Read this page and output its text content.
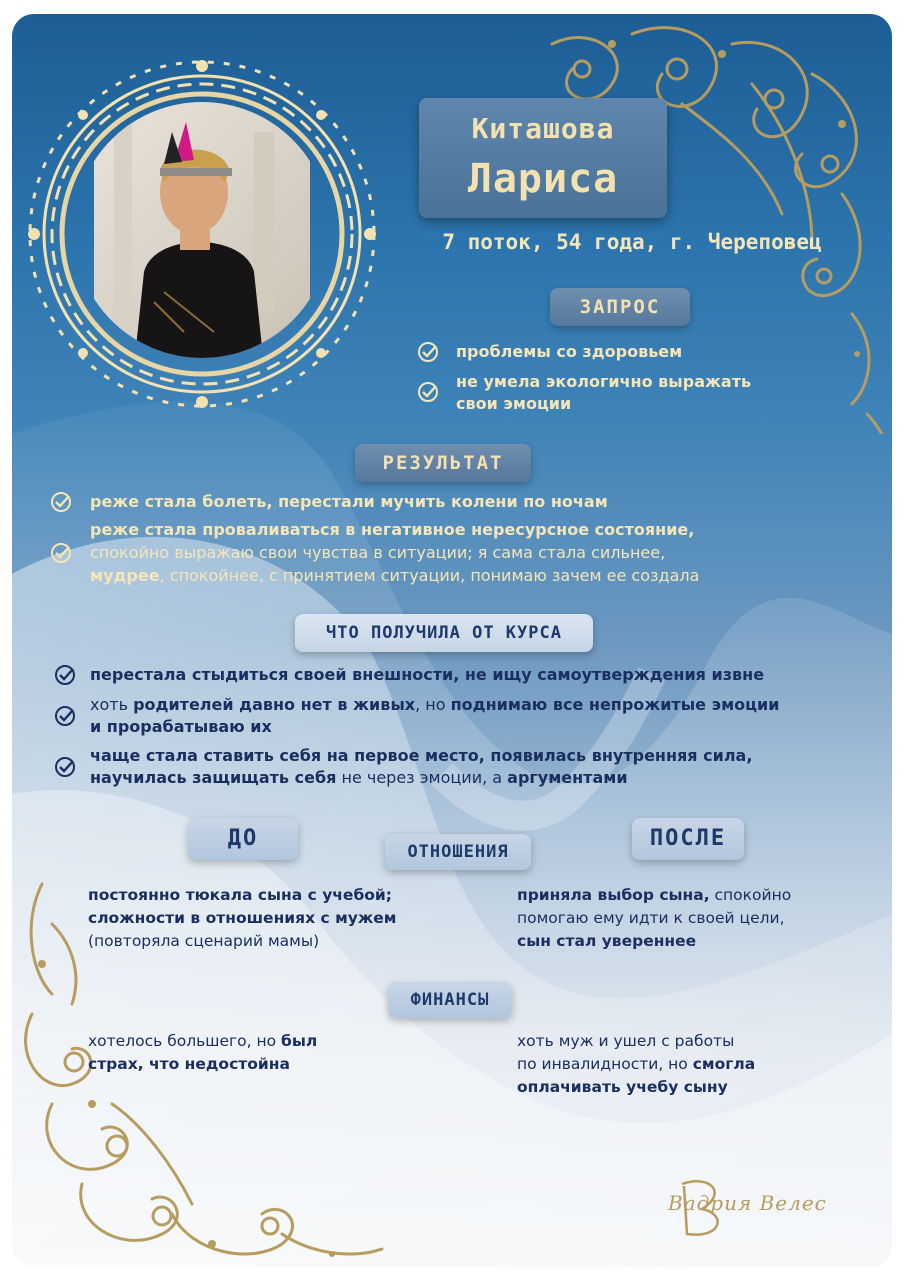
Киташова
Лариса
7 поток, 54 года, г. Череповец
ЗАПРОС
проблемы со здоровьем
не умела экологично выражать
свои эмоции
РЕЗУЛЬТАТ
реже стала болеть, перестали мучить колени по ночам
реже стала проваливаться в негативное нересурсное состояние,
спокойно выражаю свои чувства в ситуации; я сама стала сильнее,
мудрее, спокойнее, с принятием ситуации, понимаю зачем ее создала
ЧТО ПОЛУЧИЛА ОТ КУРСА
перестала стыдиться своей внешности, не ищу самоутверждения извне
хоть родителей давно нет в живых, но поднимаю все непрожитые эмоции
и прорабатываю их
чаще стала ставить себя на первое место, появилась внутренняя сила,
научилась защищать себя не через эмоции, а аргументами
ДО	ПОСЛЕ
ОТНОШЕНИЯ
постоянно тюкала сына с учебой;
сложности в отношениях с мужем
(повторяла сценарий мамы)
приняла выбор сына, спокойно
помогаю ему идти к своей цели,
сын стал увереннее
ФИНАНСЫ
хотелось большего, но был
страх, что недостойна
хоть муж и ушел с работы
по инвалидности, но смогла
оплачивать учебу сыну
Вадрия Велес
